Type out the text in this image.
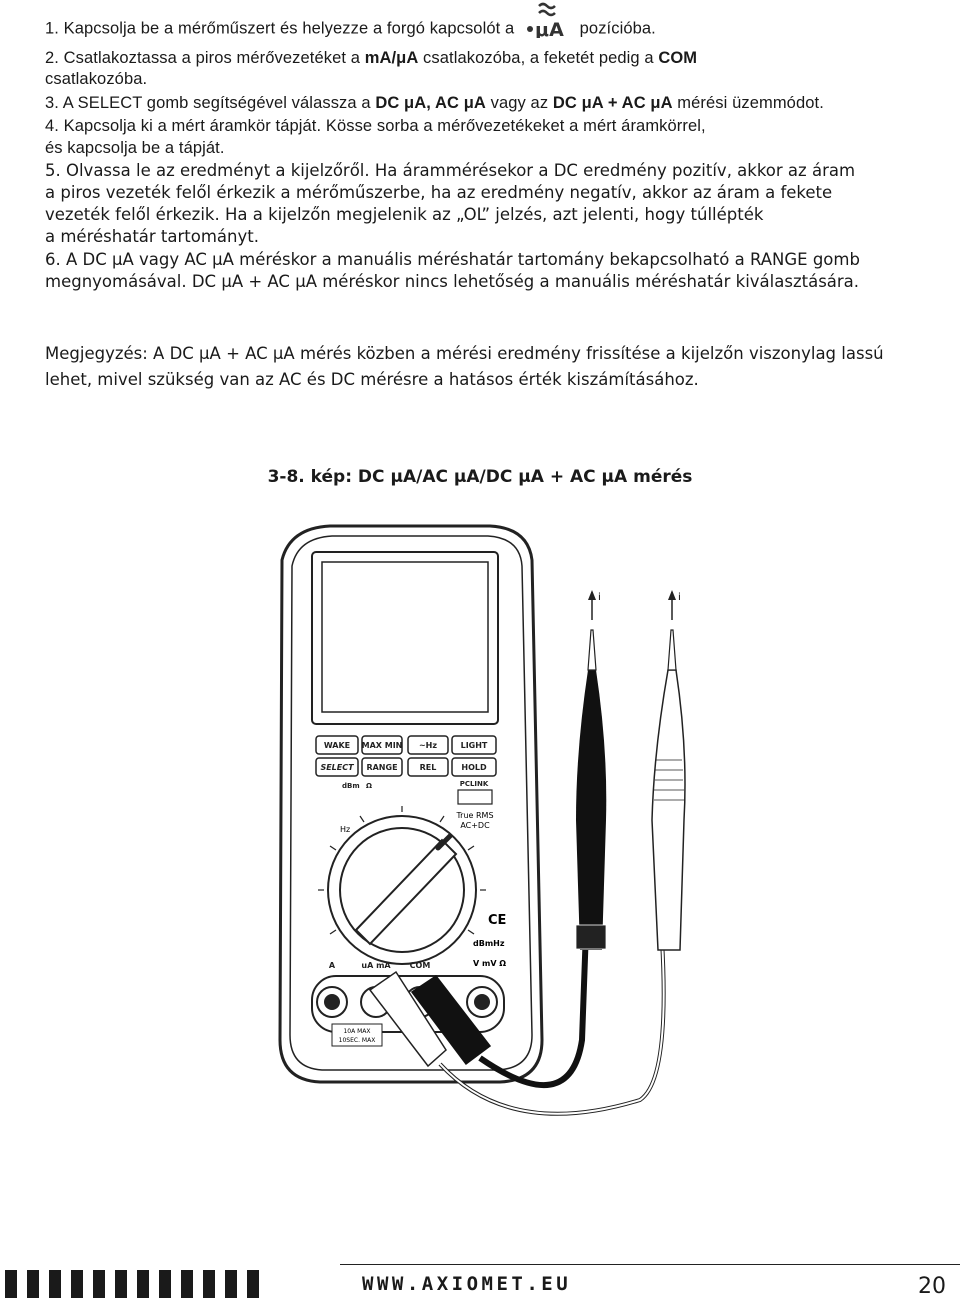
1. Kapcsolja be a mérőműszert és helyezze a forgó kapcsolót a μA pozícióba.
2. Csatlakoztassa a piros mérővezetéket a mA/μA csatlakozóba, a feketét pedig a COM
csatlakozóba.
3. A SELECT gomb segítségével válassza a DC μA, AC μA vagy az DC μA + AC μA mérési üzemmódot.
4. Kapcsolja ki a mért áramkör tápját. Kösse sorba a mérővezetékeket a mért áramkörrel,
és kapcsolja be a tápját.
5. Olvassa le az eredményt a kijelzőről. Ha árammérésekor a DC eredmény pozitív, akkor az áram
a piros vezeték felől érkezik a mérőműszerbe, ha az eredmény negatív, akkor az áram a fekete
vezeték felől érkezik. Ha a kijelzőn megjelenik az „OL” jelzés, azt jelenti, hogy túllépték
a méréshatár tartományt.
6. A DC μA vagy AC μA méréskor a manuális méréshatár tartomány bekapcsolható a RANGE gomb
megnyomásával. DC μA + AC μA méréskor nincs lehetőség a manuális méréshatár kiválasztására.
Megjegyzés: A DC μA + AC μA mérés közben a mérési eredmény frissítése a kijelzőn viszonylag lassú
lehet, mivel szükség van az AC és DC mérésre a hatásos érték kiszámításához.
3-8. kép: DC μA/AC μA/DC μA + AC μA mérés
WAKE MAX MIN ~Hz	LIGHT
SELECT RANGE	REL	HOLD
PCLINK
dBm Ω
True RMS
AC+DC
Hz
CE
dBmHz
V mV Ω
A	uA mA COM
10A MAX
10SEC. MAX
i	i
WWW.AXIOMET.EU	20
